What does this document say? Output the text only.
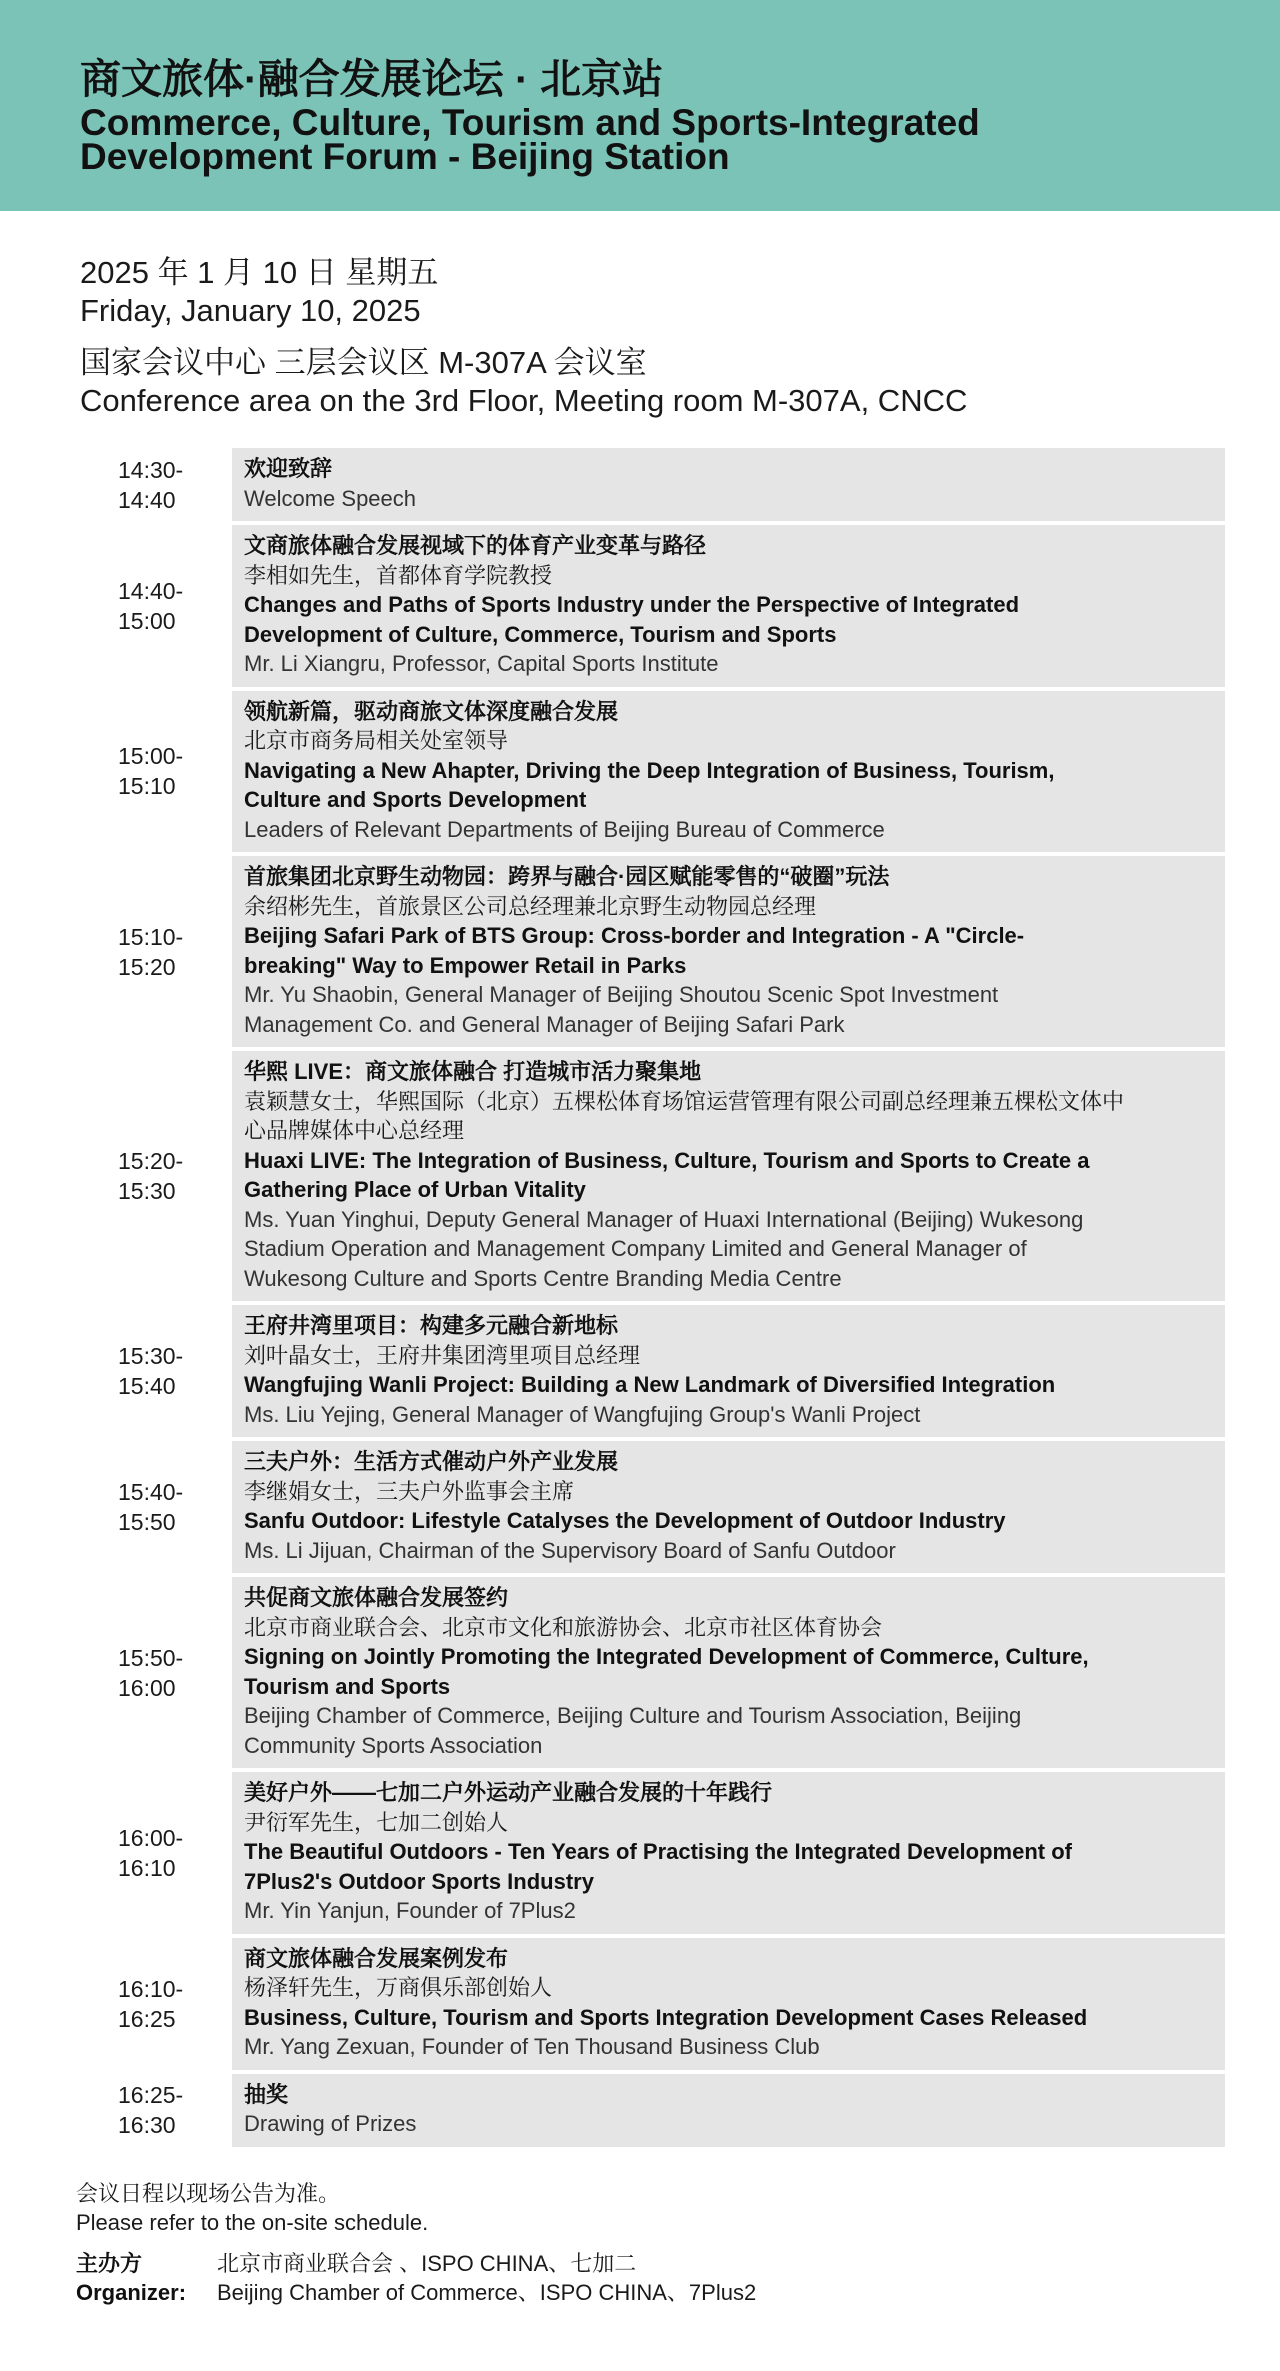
商文旅体·融合发展论坛 · 北京站
Commerce, Culture, Tourism and Sports-Integrated
Development Forum - Beijing Station
2025 年 1 月 10 日 星期五
Friday, January 10, 2025
国家会议中心 三层会议区 M-307A 会议室
Conference area on the 3rd Floor, Meeting room M-307A, CNCC
14:30-
14:40
欢迎致辞
Welcome Speech
14:40-
15:00
文商旅体融合发展视域下的体育产业变革与路径
李相如先生，首都体育学院教授
Changes and Paths of Sports Industry under the Perspective of Integrated
Development of Culture, Commerce, Tourism and Sports
Mr. Li Xiangru, Professor, Capital Sports Institute
15:00-
15:10
领航新篇，驱动商旅文体深度融合发展
北京市商务局相关处室领导
Navigating a New Ahapter, Driving the Deep Integration of Business, Tourism,
Culture and Sports Development
Leaders of Relevant Departments of Beijing Bureau of Commerce
15:10-
15:20
首旅集团北京野生动物园：跨界与融合·园区赋能零售的“破圈”玩法
余绍彬先生，首旅景区公司总经理兼北京野生动物园总经理
Beijing Safari Park of BTS Group: Cross-border and Integration - A "Circle-
breaking" Way to Empower Retail in Parks
Mr. Yu Shaobin, General Manager of Beijing Shoutou Scenic Spot Investment
Management Co. and General Manager of Beijing Safari Park
15:20-
15:30
华熙 LIVE：商文旅体融合 打造城市活力聚集地
袁颖慧女士，华熙国际（北京）五棵松体育场馆运营管理有限公司副总经理兼五棵松文体中
心品牌媒体中心总经理
Huaxi LIVE: The Integration of Business, Culture, Tourism and Sports to Create a
Gathering Place of Urban Vitality
Ms. Yuan Yinghui, Deputy General Manager of Huaxi International (Beijing) Wukesong
Stadium Operation and Management Company Limited and General Manager of
Wukesong Culture and Sports Centre Branding Media Centre
15:30-
15:40
王府井湾里项目：构建多元融合新地标
刘叶晶女士，王府井集团湾里项目总经理
Wangfujing Wanli Project: Building a New Landmark of Diversified Integration
Ms. Liu Yejing, General Manager of Wangfujing Group's Wanli Project
15:40-
15:50
三夫户外：生活方式催动户外产业发展
李继娟女士，三夫户外监事会主席
Sanfu Outdoor: Lifestyle Catalyses the Development of Outdoor Industry
Ms. Li Jijuan, Chairman of the Supervisory Board of Sanfu Outdoor
15:50-
16:00
共促商文旅体融合发展签约
北京市商业联合会、北京市文化和旅游协会、北京市社区体育协会
Signing on Jointly Promoting the Integrated Development of Commerce, Culture,
Tourism and Sports
Beijing Chamber of Commerce, Beijing Culture and Tourism Association, Beijing
Community Sports Association
16:00-
16:10
美好户外——七加二户外运动产业融合发展的十年践行
尹衍军先生，七加二创始人
The Beautiful Outdoors - Ten Years of Practising the Integrated Development of
7Plus2's Outdoor Sports Industry
Mr. Yin Yanjun, Founder of 7Plus2
16:10-
16:25
商文旅体融合发展案例发布
杨泽轩先生，万商俱乐部创始人
Business, Culture, Tourism and Sports Integration Development Cases Released
Mr. Yang Zexuan, Founder of Ten Thousand Business Club
16:25-
16:30
抽奖
Drawing of Prizes
会议日程以现场公告为准。
Please refer to the on-site schedule.
主办方	北京市商业联合会 、ISPO CHINA、七加二
Organizer:	Beijing Chamber of Commerce、ISPO CHINA、7Plus2
